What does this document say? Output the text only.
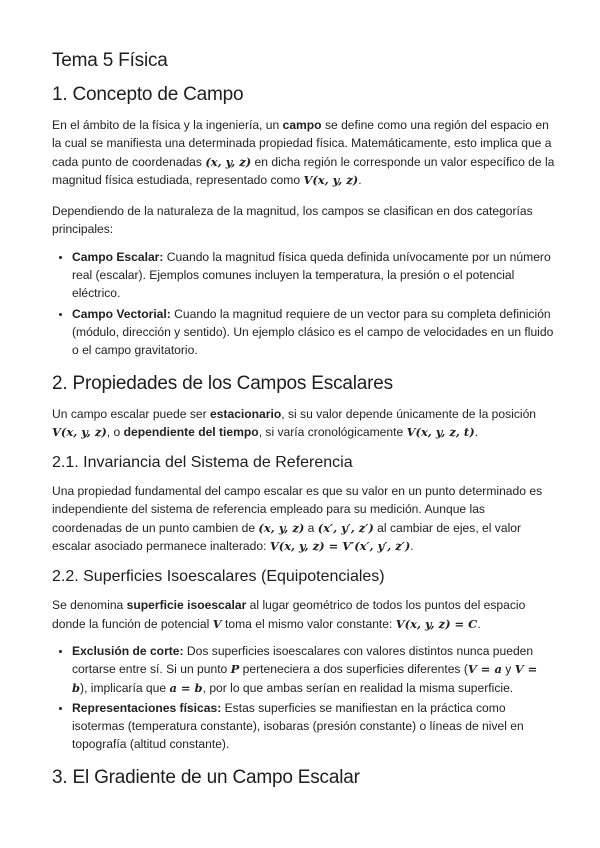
Tema 5 Física
1. Concepto de Campo

En el ámbito de la física y la ingeniería, un campo se define como una región del espacio en la cual se manifiesta una determinada propiedad física. Matemáticamente, esto implica que a cada punto de coordenadas (x, y, z) en dicha región le corresponde un valor específico de la magnitud física estudiada, representado como V(x, y, z).

Dependiendo de la naturaleza de la magnitud, los campos se clasifican en dos categorías principales:

• Campo Escalar: Cuando la magnitud física queda definida unívocamente por un número real (escalar). Ejemplos comunes incluyen la temperatura, la presión o el potencial eléctrico.
• Campo Vectorial: Cuando la magnitud requiere de un vector para su completa definición (módulo, dirección y sentido). Un ejemplo clásico es el campo de velocidades en un fluido o el campo gravitatorio.
2. Propiedades de los Campos Escalares

Un campo escalar puede ser estacionario, si su valor depende únicamente de la posición V(x, y, z), o dependiente del tiempo, si varía cronológicamente V(x, y, z, t).

2.1. Invariancia del Sistema de Referencia

Una propiedad fundamental del campo escalar es que su valor en un punto determinado es independiente del sistema de referencia empleado para su medición. Aunque las coordenadas de un punto cambien de (x, y, z) a (x′, y′, z′) al cambiar de ejes, el valor escalar asociado permanece inalterado: V(x, y, z) = V′(x′, y′, z′).

2.2. Superficies Isoescalares (Equipotenciales)

Se denomina superficie isoescalar al lugar geométrico de todos los puntos del espacio donde la función de potencial V toma el mismo valor constante: V(x, y, z) = C.

• Exclusión de corte: Dos superficies isoescalares con valores distintos nunca pueden cortarse entre sí. Si un punto P perteneciera a dos superficies diferentes (V = a y V = b), implicaría que a = b, por lo que ambas serían en realidad la misma superficie.
• Representaciones físicas: Estas superficies se manifiestan en la práctica como isotermas (temperatura constante), isobaras (presión constante) o líneas de nivel en topografía (altitud constante).
3. El Gradiente de un Campo Escalar
